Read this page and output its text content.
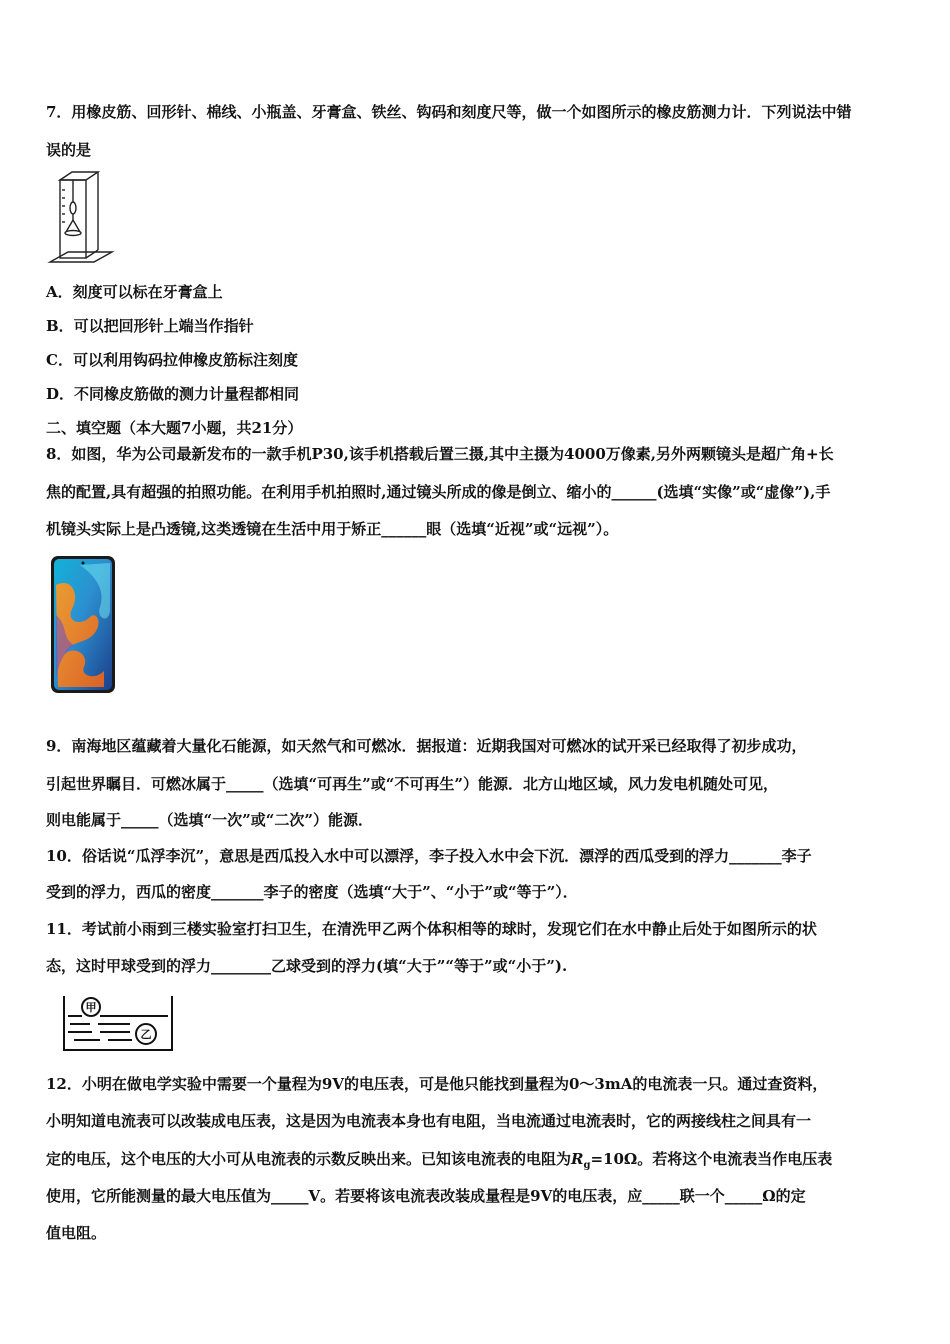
7．用橡皮筋、回形针、棉线、小瓶盖、牙膏盒、铁丝、钩码和刻度尺等，做一个如图所示的橡皮筋测力计．下列说法中错
误的是
A．刻度可以标在牙膏盒上
B．可以把回形针上端当作指针
C．可以利用钩码拉伸橡皮筋标注刻度
D．不同橡皮筋做的测力计量程都相同
二、填空题（本大题7小题，共21分）
8．如图，华为公司最新发布的一款手机P30,该手机搭载后置三摄,其中主摄为4000万像素,另外两颗镜头是超广角+长
焦的配置,具有超强的拍照功能。在利用手机拍照时,通过镜头所成的像是倒立、缩小的______(选填“实像”或“虚像”),手
机镜头实际上是凸透镜,这类透镜在生活中用于矫正______眼（选填“近视”或“远视”）。
9．南海地区蕴藏着大量化石能源，如天然气和可燃冰．据报道：近期我国对可燃冰的试开采已经取得了初步成功，
引起世界瞩目．可燃冰属于_____（选填“可再生”或“不可再生”）能源．北方山地区域，风力发电机随处可见，
则电能属于_____（选填“一次”或“二次”）能源．
10．俗话说“瓜浮李沉”，意思是西瓜投入水中可以漂浮，李子投入水中会下沉．漂浮的西瓜受到的浮力_______李子
受到的浮力，西瓜的密度_______李子的密度（选填“大于”、“小于”或“等于”）．
11．考试前小雨到三楼实验室打扫卫生，在清洗甲乙两个体积相等的球时，发现它们在水中静止后处于如图所示的状
态，这时甲球受到的浮力________乙球受到的浮力(填“大于”“等于”或“小于”).
甲
乙
12．小明在做电学实验中需要一个量程为9V的电压表，可是他只能找到量程为0～3mA的电流表一只。通过查资料，
小明知道电流表可以改装成电压表，这是因为电流表本身也有电阻，当电流通过电流表时，它的两接线柱之间具有一
定的电压，这个电压的大小可从电流表的示数反映出来。已知该电流表的电阻为$R_g=10\Omega$。若将这个电流表当作电压表
使用，它所能测量的最大电压值为_____V。若要将该电流表改装成量程是9V的电压表，应_____联一个_____Ω的定
值电阻。
